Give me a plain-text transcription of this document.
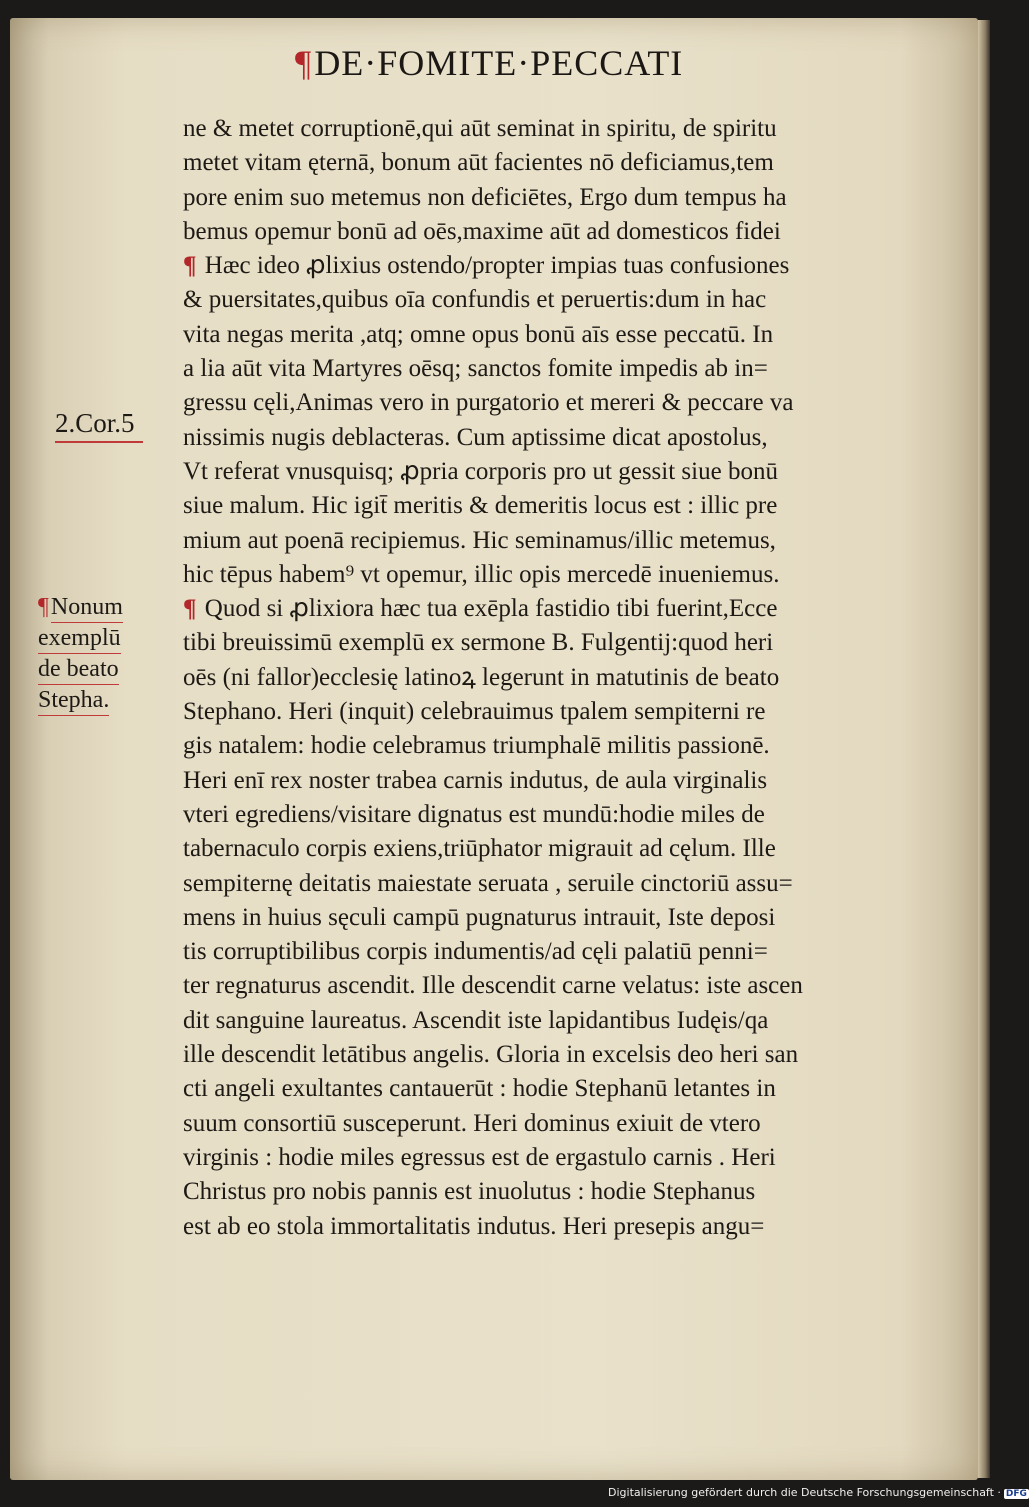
¶DE·FOMITE·PECCATI
2.Cor.5
¶Nonum
exemplū
de beato
Stepha.
ne & metet corruptionē,qui aūt seminat in spiritu, de spiritu
metet vitam ęternā, bonum aūt facientes nō deficiamus,tem
pore enim suo metemus non deficiētes, Ergo dum tempus ha
bemus opemur bonū ad oēs,maxime aūt ad domesticos fidei
¶ Hæc ideo ꝓlixius ostendo/propter impias tuas confusiones
& puersitates,quibus oīa confundis et peruertis:dum in hac
vita negas merita ,atq; omne opus bonū aīs esse peccatū. In
a lia aūt vita Martyres oēsq; sanctos fomite impedis ab in=
gressu cęli,Animas vero in purgatorio et mereri & peccare va
nissimis nugis deblacteras. Cum aptissime dicat apostolus,
Vt referat vnusquisq; ꝓpria corporis pro ut gessit siue bonū
siue malum. Hic igit̄ meritis & demeritis locus est : illic pre
mium aut poenā recipiemus. Hic seminamus/illic metemus,
hic tēpus habem⁹ vt opemur, illic opis mercedē inueniemus.
¶ Quod si ꝓlixiora hæc tua exēpla fastidio tibi fuerint,Ecce
tibi breuissimū exemplū ex sermone B. Fulgentij:quod heri
oēs (ni fallor)ecclesię latinoꝝ legerunt in matutinis de beato
Stephano. Heri (inquit) celebrauimus tpalem sempiterni re
gis natalem: hodie celebramus triumphalē militis passionē.
Heri enī rex noster trabea carnis indutus, de aula virginalis
vteri egrediens/visitare dignatus est mundū:hodie miles de
tabernaculo corpis exiens,triūphator migrauit ad cęlum. Ille
sempiternę deitatis maiestate seruata , seruile cinctoriū assu=
mens in huius sęculi campū pugnaturus intrauit, Iste deposi
tis corruptibilibus corpis indumentis/ad cęli palatiū penni=
ter regnaturus ascendit. Ille descendit carne velatus: iste ascen
dit sanguine laureatus. Ascendit iste lapidantibus Iudęis/qa
ille descendit letātibus angelis. Gloria in excelsis deo heri san
cti angeli exultantes cantauerūt : hodie Stephanū letantes in
suum consortiū susceperunt. Heri dominus exiuit de vtero
virginis : hodie miles egressus est de ergastulo carnis . Heri
Christus pro nobis pannis est inuolutus : hodie Stephanus
est ab eo stola immortalitatis indutus. Heri presepis angu=
Digitalisierung gefördert durch die Deutsche Forschungsgemeinschaft · DFG
